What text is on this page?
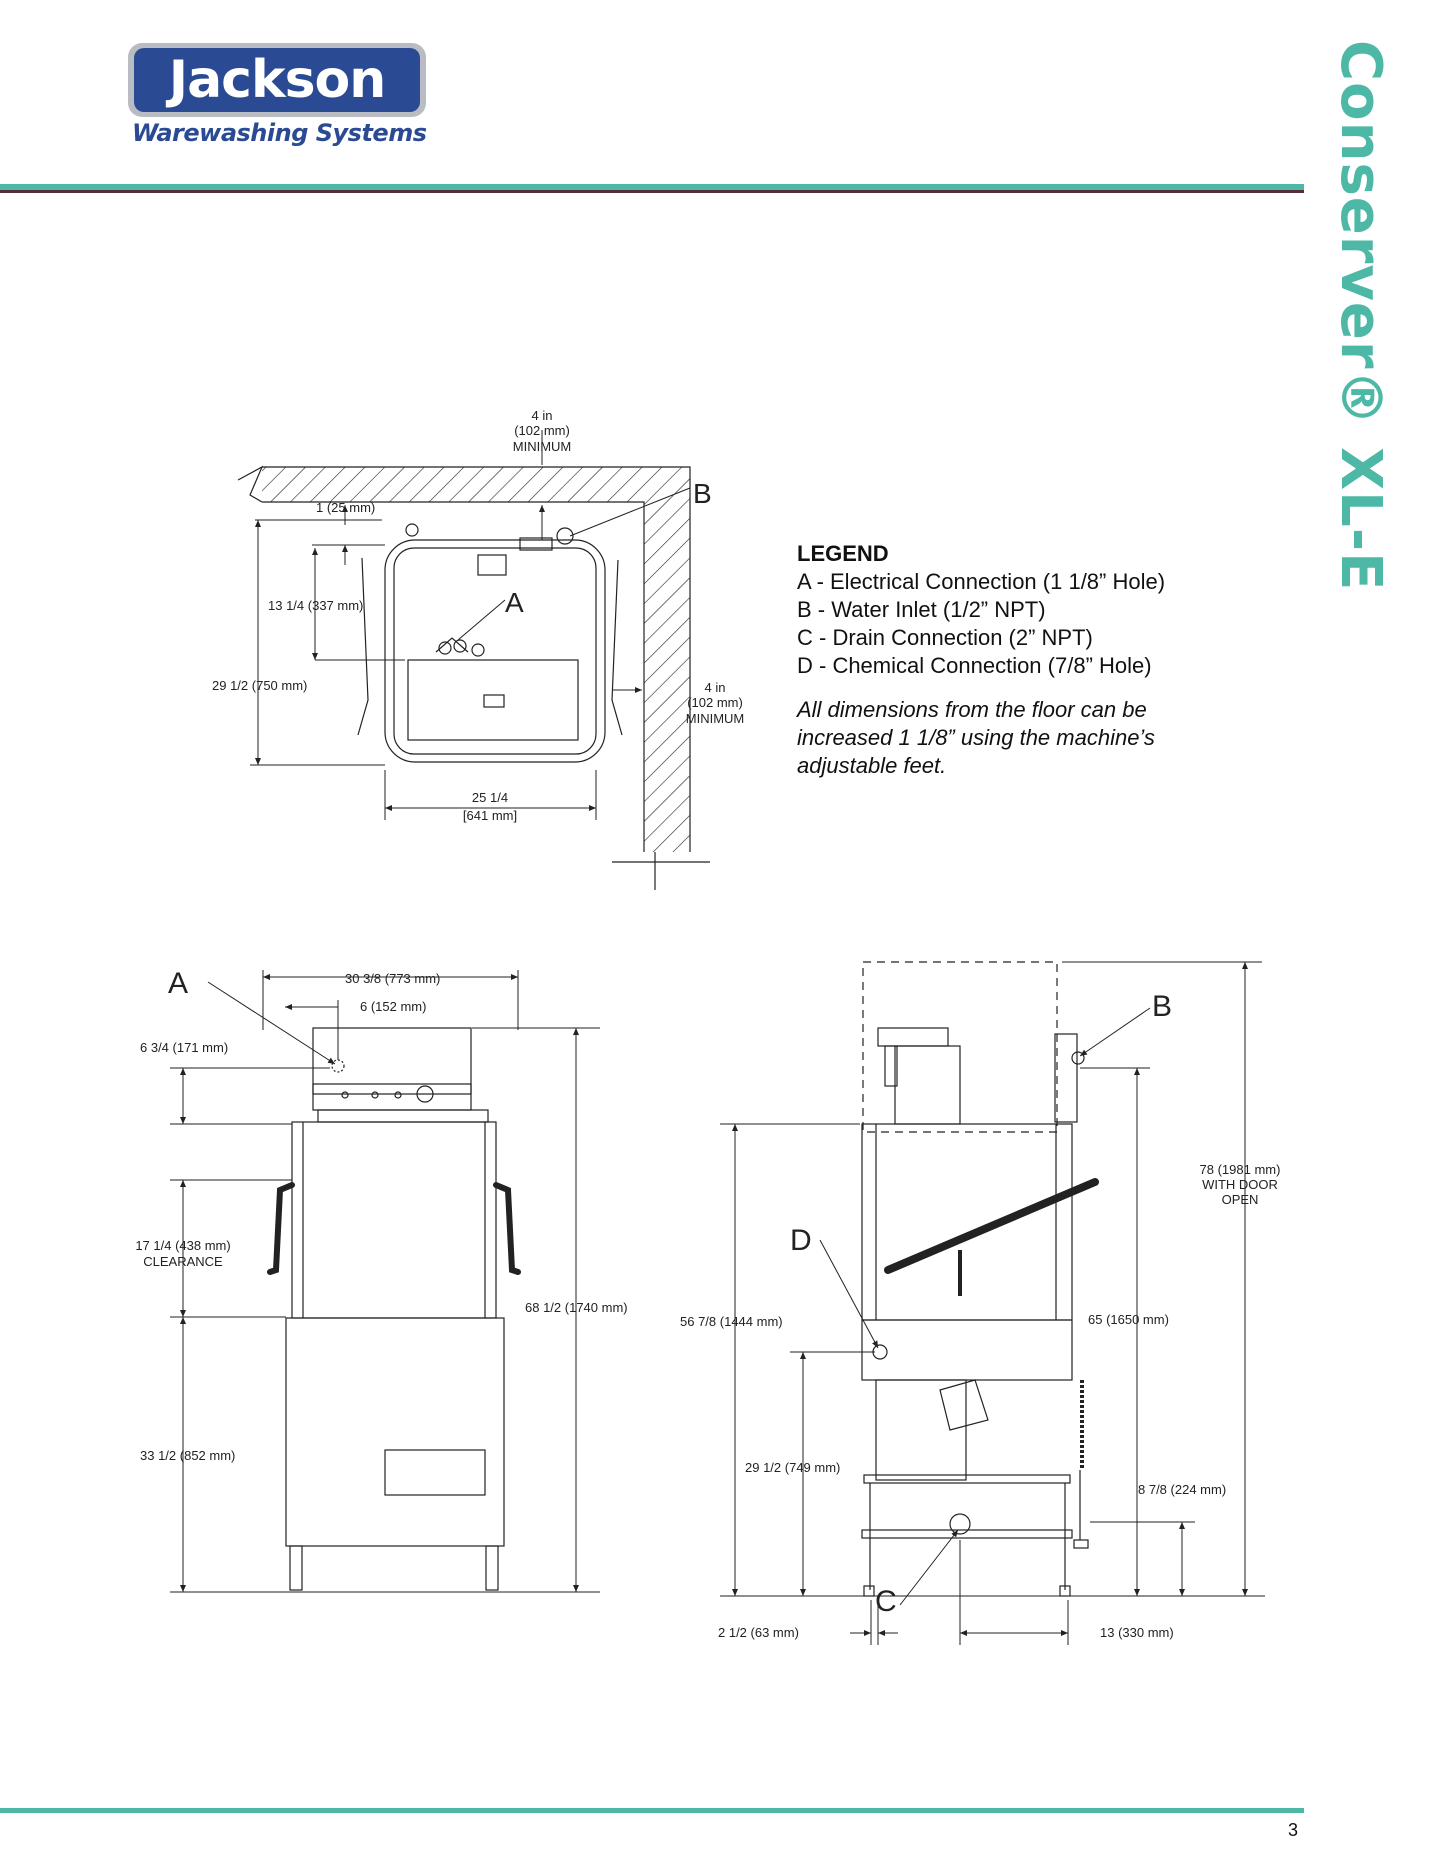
Jackson
Warewashing Systems	Conserver® XL-E
LEGEND
A - Electrical Connection (1 1/8” Hole)
B - Water Inlet (1/2” NPT)
C - Drain Connection (2” NPT)
D - Chemical Connection (7/8” Hole)
All dimensions from the floor can be
increased 1 1/8” using the machine’s
adjustable feet.
4 in
(102 mm)
MINIMUM
1 (25 mm)
13 1/4 (337 mm)
29 1/2 (750 mm)	4 in
(102 mm)
MINIMUM
25 1/4
[641 mm]
A
B
A	30 3/8 (773 mm)
6 (152 mm)
6 3/4 (171 mm)
17 1/4 (438 mm)
CLEARANCE
68 1/2 (1740 mm)
33 1/2 (852 mm)
B
C
D
78 (1981 mm)
WITH DOOR
OPEN
65 (1650 mm)
56 7/8 (1444 mm)
29 1/2 (749 mm)
8 7/8 (224 mm)
2 1/2 (63 mm)	13 (330 mm)
3
